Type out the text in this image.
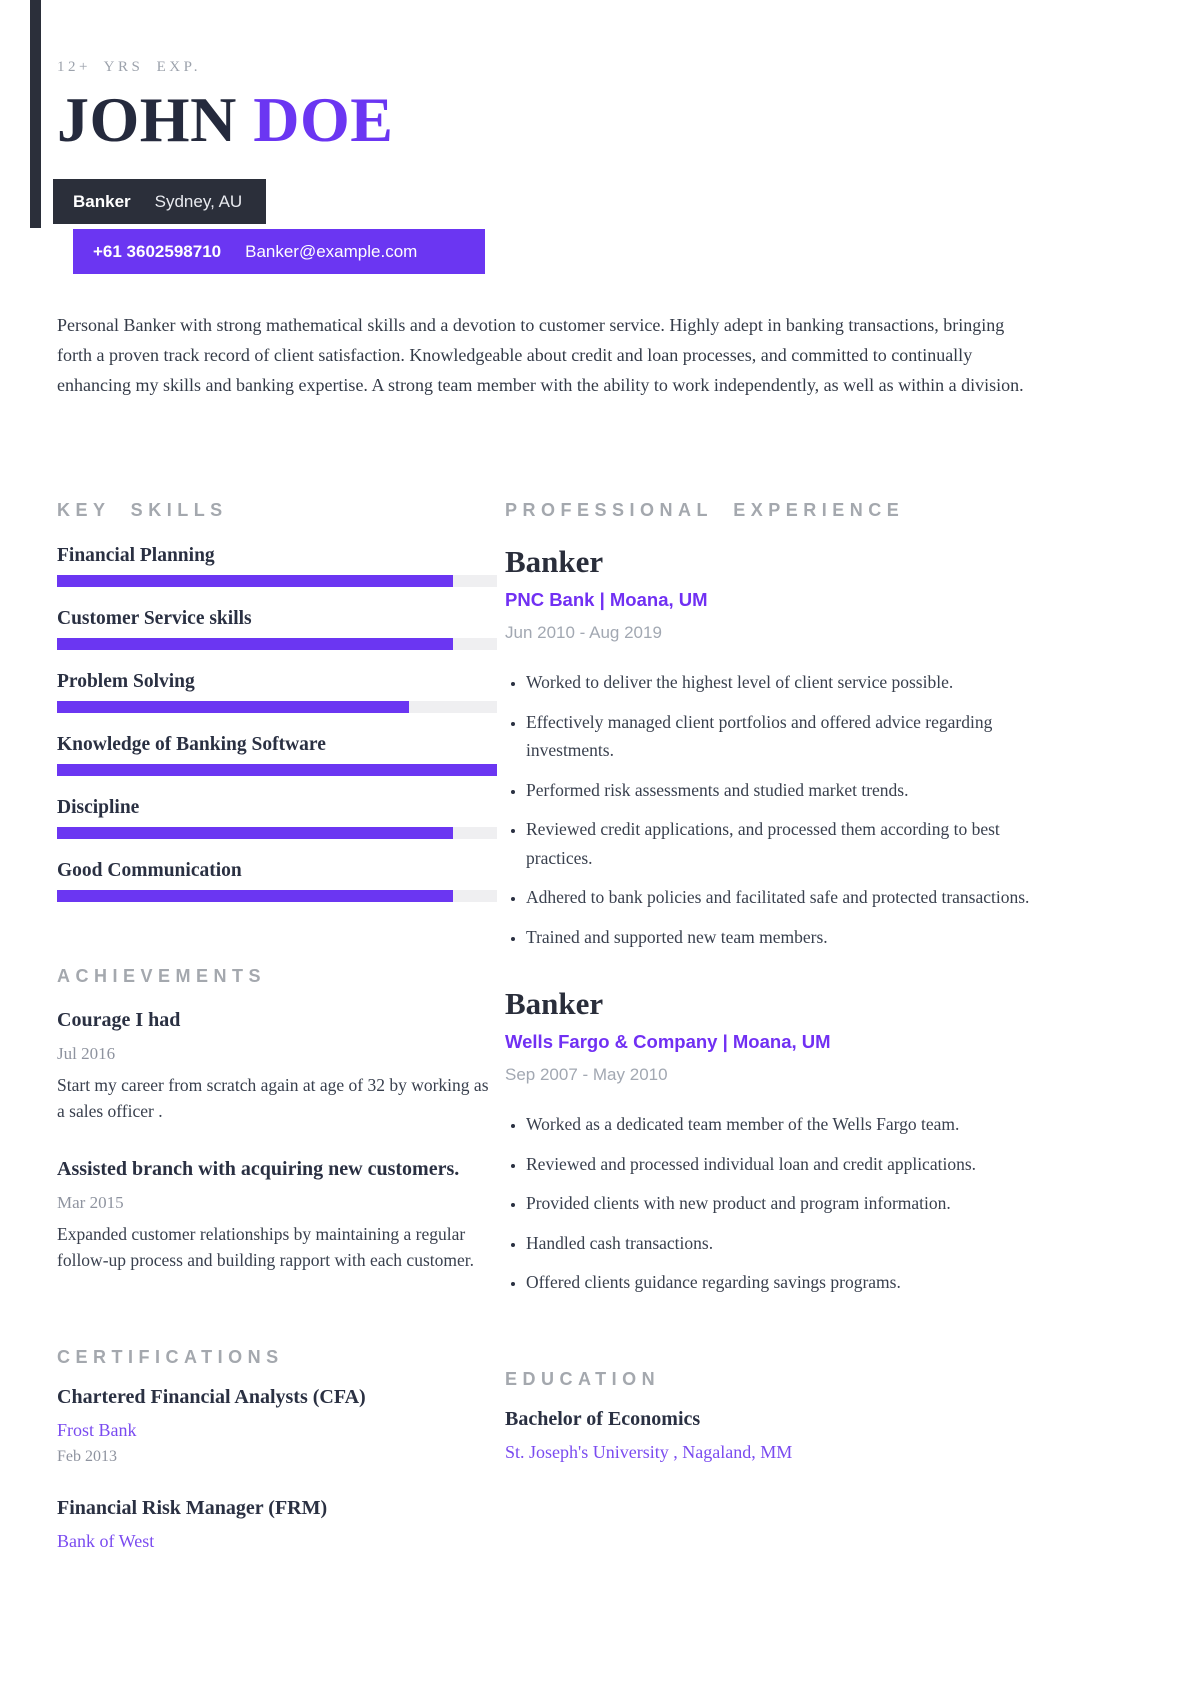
12+ YRS EXP.
JOHN DOE
Banker Sydney, AU
+61 3602598710 Banker@example.com

Personal Banker with strong mathematical skills and a devotion to customer service. Highly adept in banking transactions, bringing forth a proven track record of client satisfaction. Knowledgeable about credit and loan processes, and committed to continually enhancing my skills and banking expertise. A strong team member with the ability to work independently, as well as within a division.

KEY SKILLS
Financial Planning
Customer Service skills
Problem Solving
Knowledge of Banking Software
Discipline
Good Communication
ACHIEVEMENTS
Courage I had
Jul 2016
Start my career from scratch again at age of 32 by working as a sales officer .
Assisted branch with acquiring new customers.
Mar 2015
Expanded customer relationships by maintaining a regular follow-up process and building rapport with each customer.
CERTIFICATIONS
Chartered Financial Analysts (CFA)
Frost Bank
Feb 2013
Financial Risk Manager (FRM)
Bank of West
PROFESSIONAL EXPERIENCE
Banker
PNC Bank | Moana, UM
Jun 2010 - Aug 2019
• Worked to deliver the highest level of client service possible.
• Effectively managed client portfolios and offered advice regarding investments.
• Performed risk assessments and studied market trends.
• Reviewed credit applications, and processed them according to best practices.
• Adhered to bank policies and facilitated safe and protected transactions.
• Trained and supported new team members.
Banker
Wells Fargo & Company | Moana, UM
Sep 2007 - May 2010
• Worked as a dedicated team member of the Wells Fargo team.
• Reviewed and processed individual loan and credit applications.
• Provided clients with new product and program information.
• Handled cash transactions.
• Offered clients guidance regarding savings programs.
EDUCATION
Bachelor of Economics
St. Joseph's University , Nagaland, MM
